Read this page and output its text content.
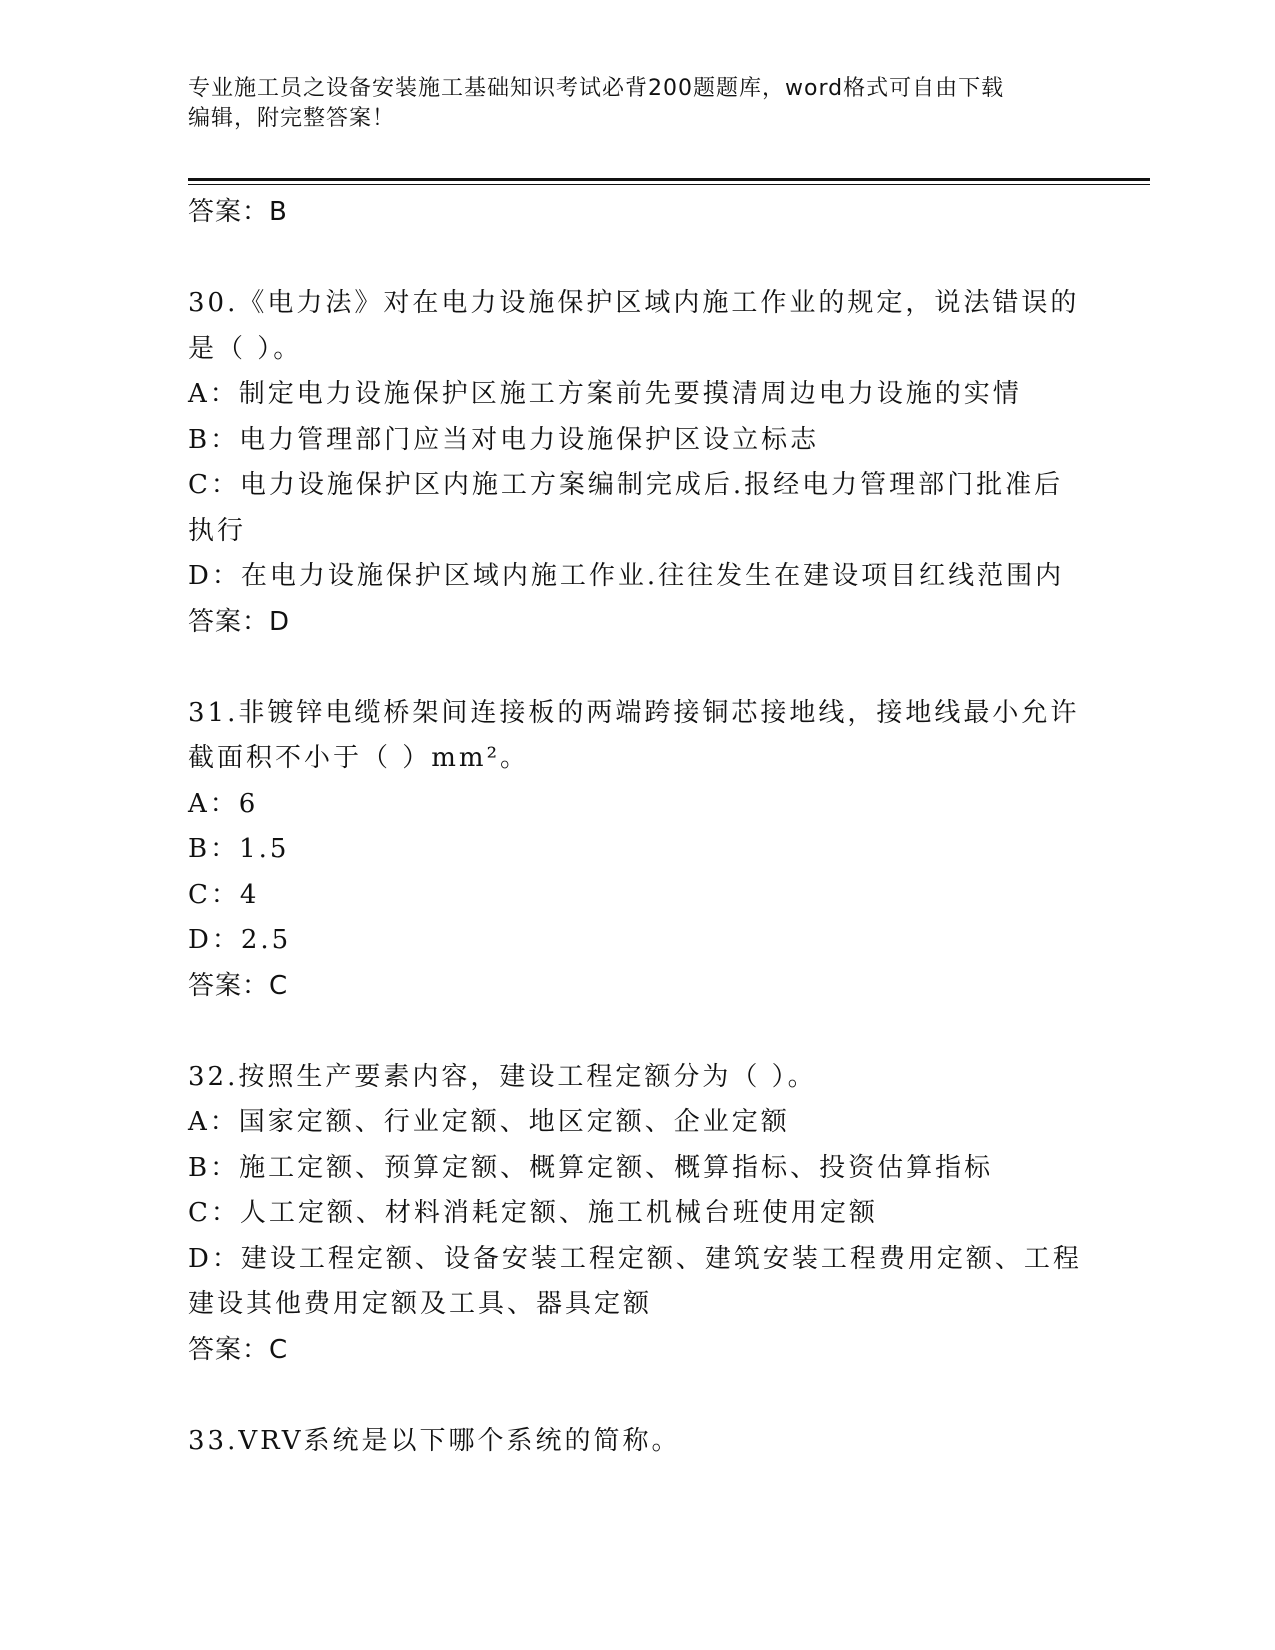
专业施工员之设备安装施工基础知识考试必背200题题库，word格式可自由下载
编辑，附完整答案！
答案：B
30.《电力法》对在电力设施保护区域内施工作业的规定，说法错误的
是（ ）。
A：制定电力设施保护区施工方案前先要摸清周边电力设施的实情
B：电力管理部门应当对电力设施保护区设立标志
C：电力设施保护区内施工方案编制完成后.报经电力管理部门批准后
执行
D：在电力设施保护区域内施工作业.往往发生在建设项目红线范围内
答案：D
31.非镀锌电缆桥架间连接板的两端跨接铜芯接地线，接地线最小允许
截面积不小于（ ）mm²。
A：6
B：1.5
C：4
D：2.5
答案：C
32.按照生产要素内容，建设工程定额分为（ ）。
A：国家定额、行业定额、地区定额、企业定额
B：施工定额、预算定额、概算定额、概算指标、投资估算指标
C：人工定额、材料消耗定额、施工机械台班使用定额
D：建设工程定额、设备安装工程定额、建筑安装工程费用定额、工程
建设其他费用定额及工具、器具定额
答案：C
33.VRV系统是以下哪个系统的简称。
